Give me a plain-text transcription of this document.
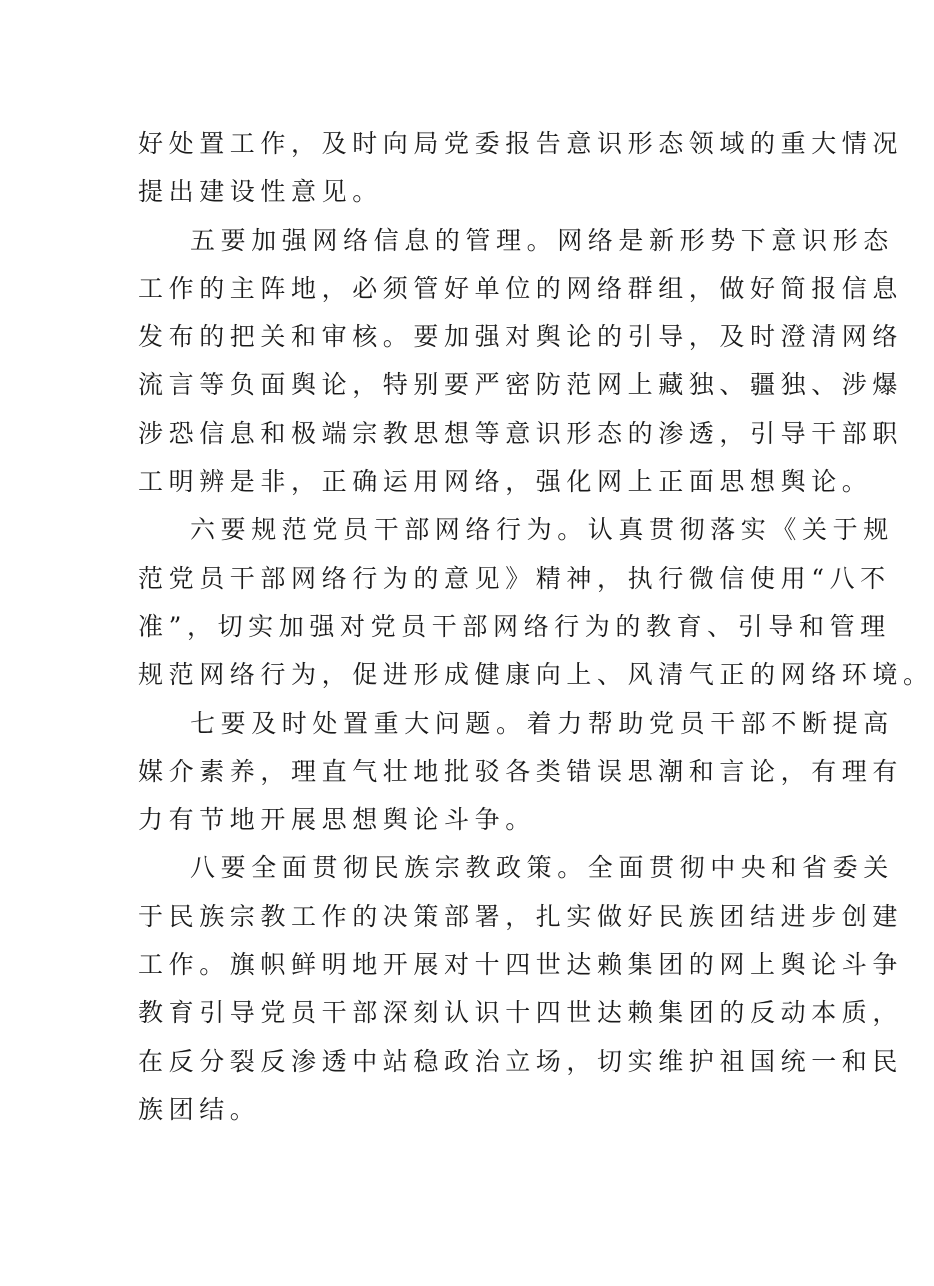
好处置工作，及时向局党委报告意识形态领域的重大情况
提出建设性意见。
五要加强网络信息的管理。网络是新形势下意识形态
工作的主阵地，必须管好单位的网络群组，做好简报信息
发布的把关和审核。要加强对舆论的引导，及时澄清网络
流言等负面舆论，特别要严密防范网上藏独、疆独、涉爆
涉恐信息和极端宗教思想等意识形态的渗透，引导干部职
工明辨是非，正确运用网络，强化网上正面思想舆论。
六要规范党员干部网络行为。认真贯彻落实《关于规
范党员干部网络行为的意见》精神，执行微信使用“八不
准”，切实加强对党员干部网络行为的教育、引导和管理
规范网络行为，促进形成健康向上、风清气正的网络环境。
七要及时处置重大问题。着力帮助党员干部不断提高
媒介素养，理直气壮地批驳各类错误思潮和言论，有理有
力有节地开展思想舆论斗争。
八要全面贯彻民族宗教政策。全面贯彻中央和省委关
于民族宗教工作的决策部署，扎实做好民族团结进步创建
工作。旗帜鲜明地开展对十四世达赖集团的网上舆论斗争
教育引导党员干部深刻认识十四世达赖集团的反动本质，
在反分裂反渗透中站稳政治立场，切实维护祖国统一和民
族团结。
